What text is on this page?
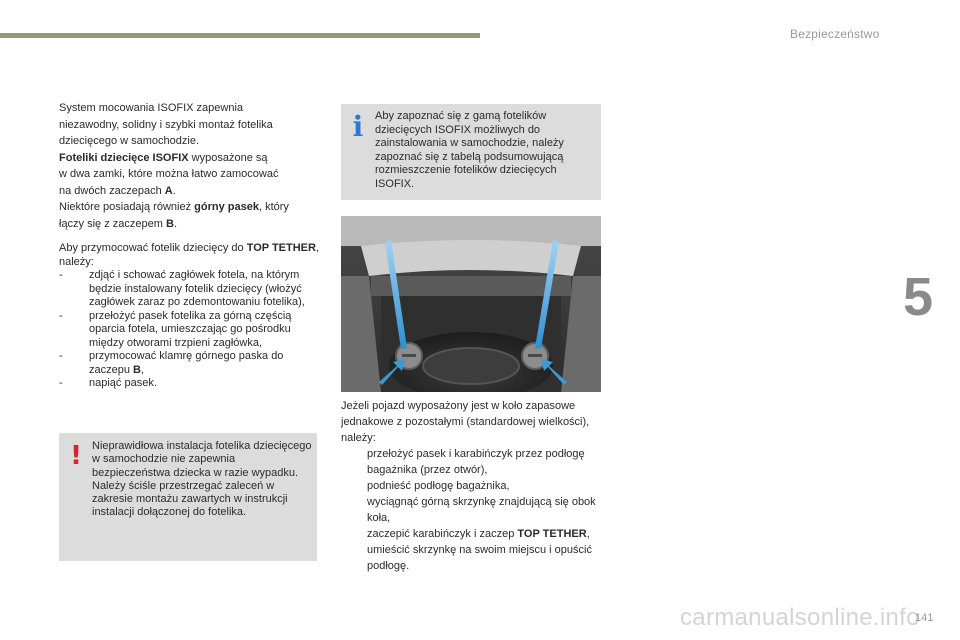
Bezpieczeństwo
5

System mocowania ISOFIX zapewnia
niezawodny, solidny i szybki montaż fotelika
dziecięcego w samochodzie.
Foteliki dziecięce ISOFIX wyposażone są
w dwa zamki, które można łatwo zamocować
na dwóch zaczepach A.
Niektóre posiadają również górny pasek, który
łączy się z zaczepem B.

Aby przymocować fotelik dziecięcy do TOP TETHER, należy:

- zdjąć i schować zagłówek fotela, na którym będzie instalowany fotelik dziecięcy (włożyć zagłówek zaraz po zdemontowaniu fotelika),
- przełożyć pasek fotelika za górną częścią oparcia fotela, umieszczając go pośrodku między otworami trzpieni zagłówka,
- przymocować klamrę górnego paska do zaczepu B,
- napiąć pasek.
! Nieprawidłowa instalacja fotelika dziecięcego w samochodzie nie zapewnia bezpieczeństwa dziecka w razie wypadku.
Należy ściśle przestrzegać zaleceń w zakresie montażu zawartych w instrukcji instalacji dołączonej do fotelika.
i Aby zapoznać się z gamą fotelików dziecięcych ISOFIX możliwych do zainstalowania w samochodzie, należy zapoznać się z tabelą podsumowującą rozmieszczenie fotelików dziecięcych ISOFIX.

Jeżeli pojazd wyposażony jest w koło zapasowe jednakowe z pozostałymi (standardowej wielkości), należy:

przełożyć pasek i karabińczyk przez podłogę bagażnika (przez otwór),
podnieść podłogę bagażnika,
wyciągnąć górną skrzynkę znajdującą się obok koła,
zaczepić karabińczyk i zaczep TOP TETHER,
umieścić skrzynkę na swoim miejscu i opuścić podłogę.
carmanualsonline.info
141
